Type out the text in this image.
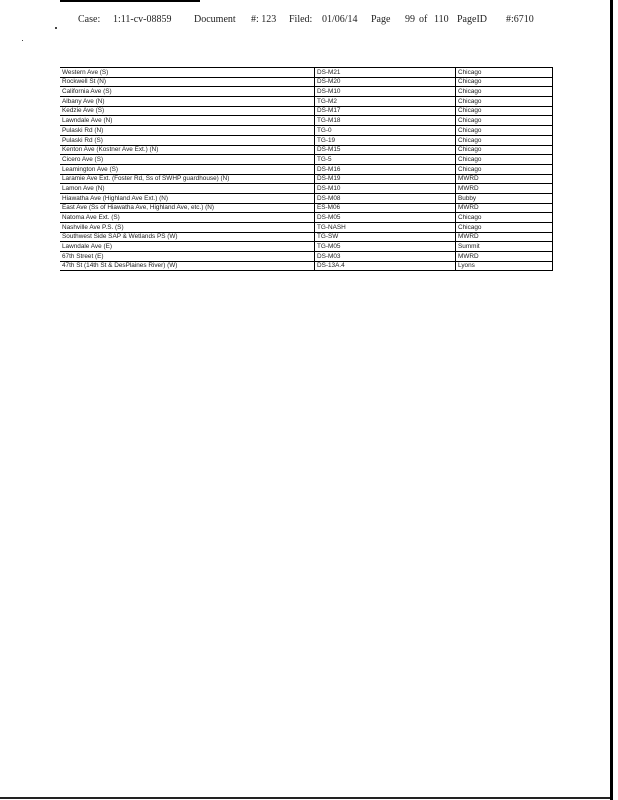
Case: 1:11-cv-08859 Document #: 123 Filed: 01/06/14 Page 99 of 110 PageID #:6710
Western Ave (S)	DS-M21	Chicago
Rockwell St (N)	DS-M20	Chicago
California Ave (S)	DS-M10	Chicago
Albany Ave (N)	TG-M2	Chicago
Kedzie Ave (S)	DS-M17	Chicago
Lawndale Ave (N)	TG-M18	Chicago
Pulaski Rd (N)	TG-0	Chicago
Pulaski Rd (S)	TG-19	Chicago
Kenton Ave (Kostner Ave Ext.) (N)	DS-M15	Chicago
Cicero Ave (S)	TG-5	Chicago
Leamington Ave (S)	DS-M16	Chicago
Laramie Ave Ext. (Foster Rd, Ss of SWHP guardhouse) (N)	DS-M19	MWRD
Lamon Ave (N)	DS-M10	MWRD
Hiawatha Ave (Highland Ave Ext.) (N)	DS-M08	Bubby
East Ave (Ss of Hiawatha Ave, Highland Ave, etc.) (N)	ES-M06	MWRD
Natoma Ave Ext. (S)	DS-M05	Chicago
Nashville Ave P.S. (S)	TG-NASH	Chicago
Southwest Side SAP & Wetlands PS (W)	TG-SW	MWRD
Lawndale Ave (E)	TG-M05	Summit
67th Street (E)	DS-M03	MWRD
47th St (14th St & DesPlaines River) (W)	DS-13A.4	Lyons
